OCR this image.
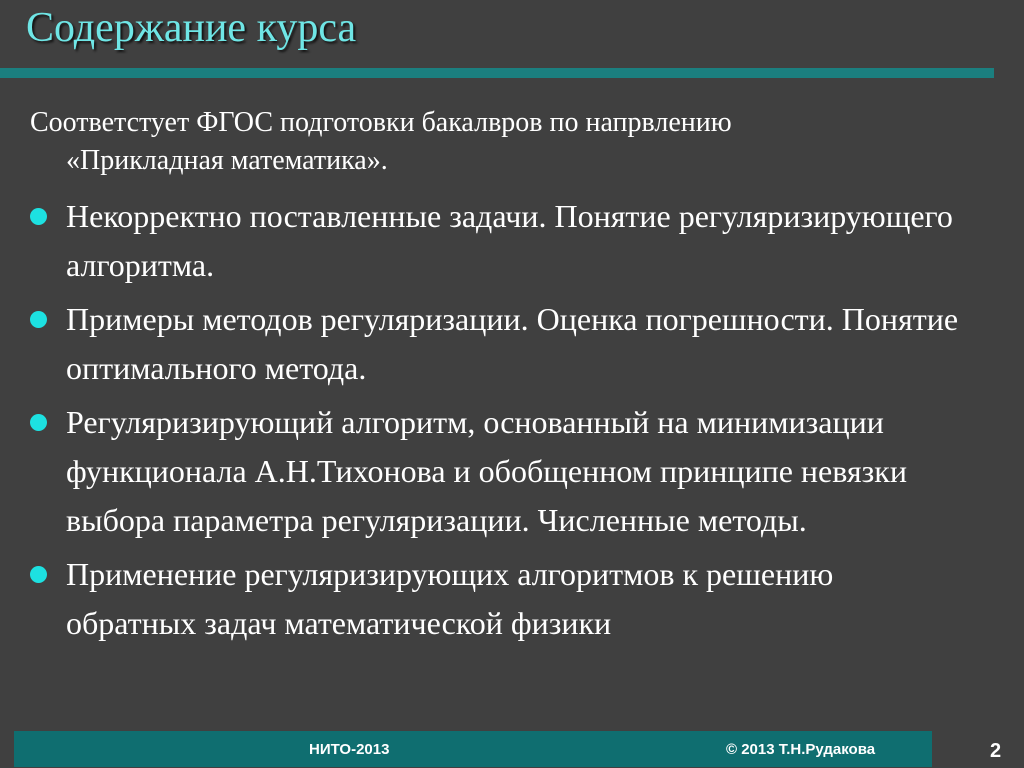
Содержание курса
Соответстует ФГОС подготовки бакалвров по напрвлению
«Прикладная математика».
Некорректно поставленные задачи. Понятие регуляризирующего алгоритма.
Примеры методов регуляризации. Оценка погрешности. Понятие оптимального метода.
Регуляризирующий алгоритм, основанный на минимизации функционала А.Н.Тихонова и обобщенном принципе невязки выбора параметра регуляризации. Численные методы.
Применение регуляризирующих алгоритмов к решению обратных задач математической физики
НИТО-2013	© 2013 Т.Н.Рудакова	2
